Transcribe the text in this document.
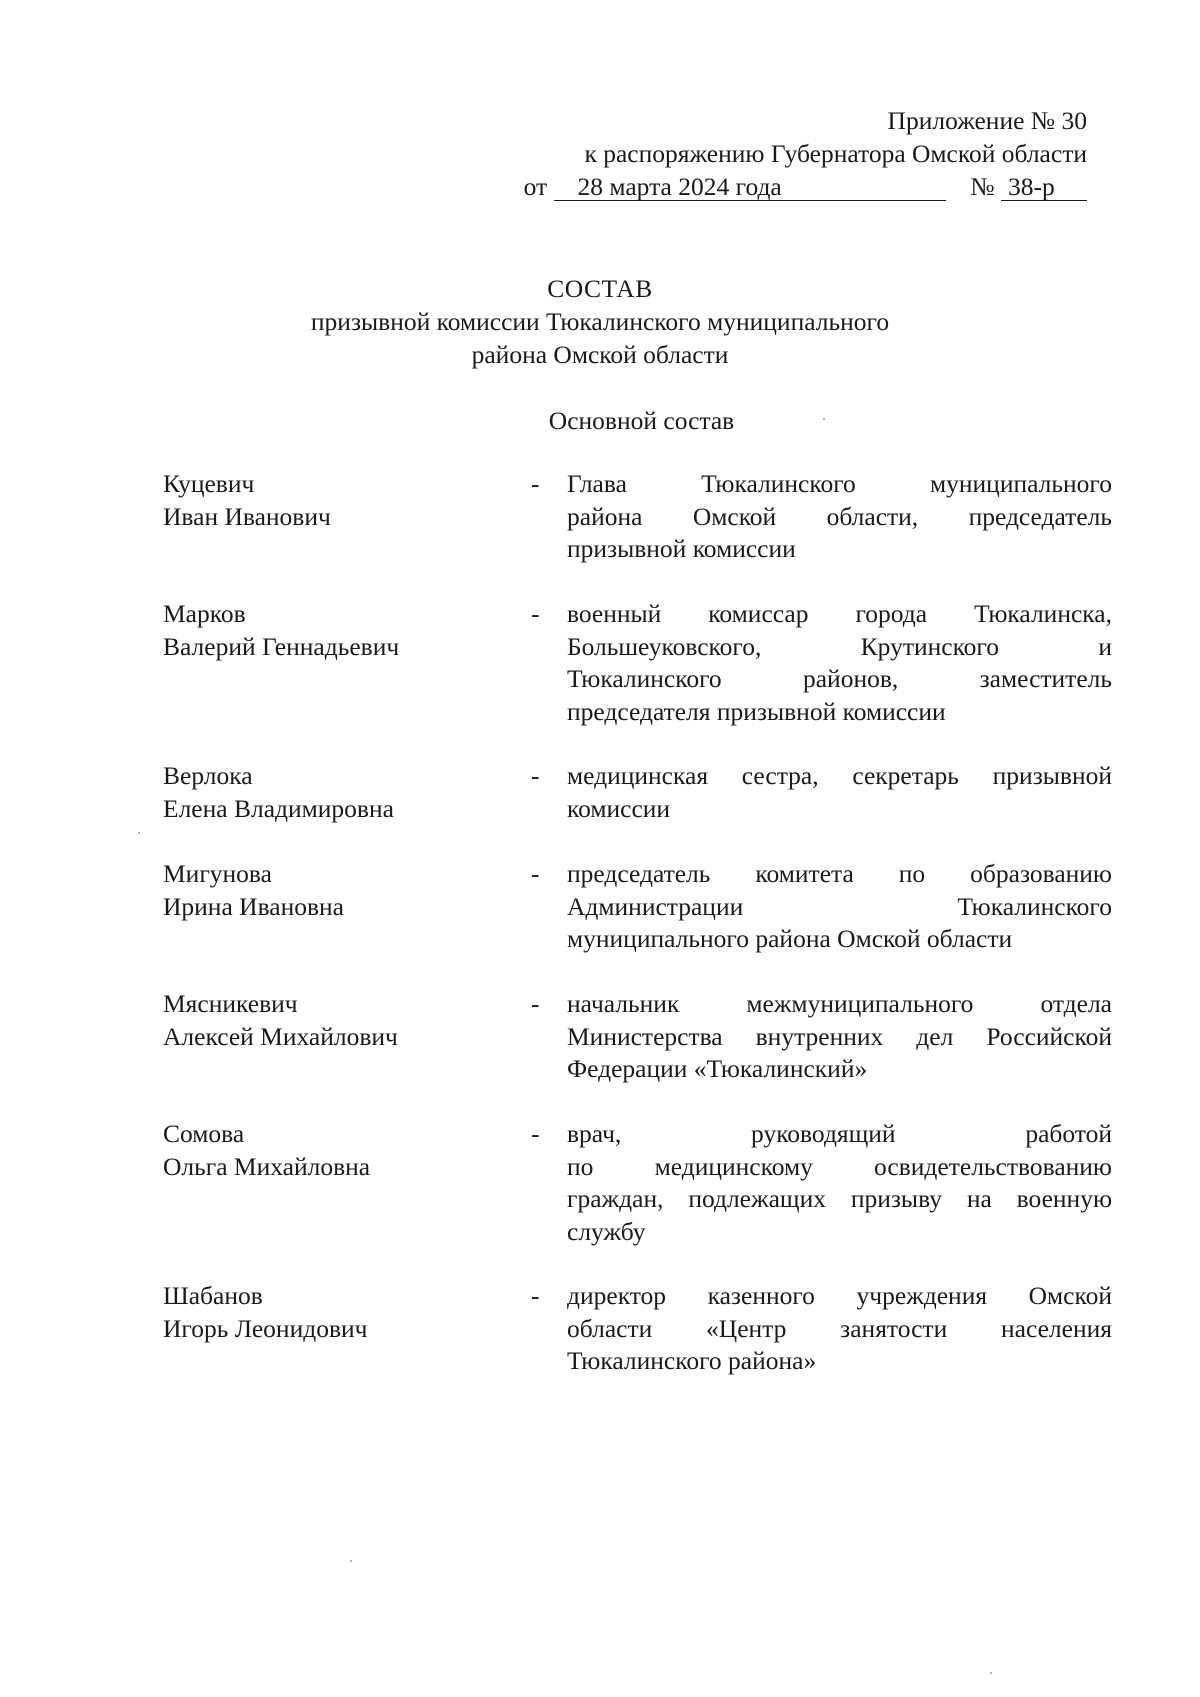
Приложение № 30
к распоряжению Губернатора Омской области
от 28 марта 2024 года	№ 38-р
СОСТАВ
призывной комиссии Тюкалинского муниципального
района Омской области
Основной состав
Куцевич
Иван Иванович
- Глава Тюкалинского муниципального
района Омской области, председатель
призывной комиссии
Марков
Валерий Геннадьевич
- военный комиссар города Тюкалинска,
Большеуковского, Крутинского и
Тюкалинского районов, заместитель
председателя призывной комиссии
Верлока
Елена Владимировна
- медицинская сестра, секретарь призывной
комиссии
Мигунова
Ирина Ивановна
- председатель комитета по образованию
Администрации Тюкалинского
муниципального района Омской области
Мясникевич
Алексей Михайлович
- начальник межмуниципального отдела
Министерства внутренних дел Российской
Федерации «Тюкалинский»
Сомова
Ольга Михайловна
- врач, руководящий работой
по медицинскому освидетельствованию
граждан, подлежащих призыву на военную
службу
Шабанов
Игорь Леонидович
- директор казенного учреждения Омской
области «Центр занятости населения
Тюкалинского района»
